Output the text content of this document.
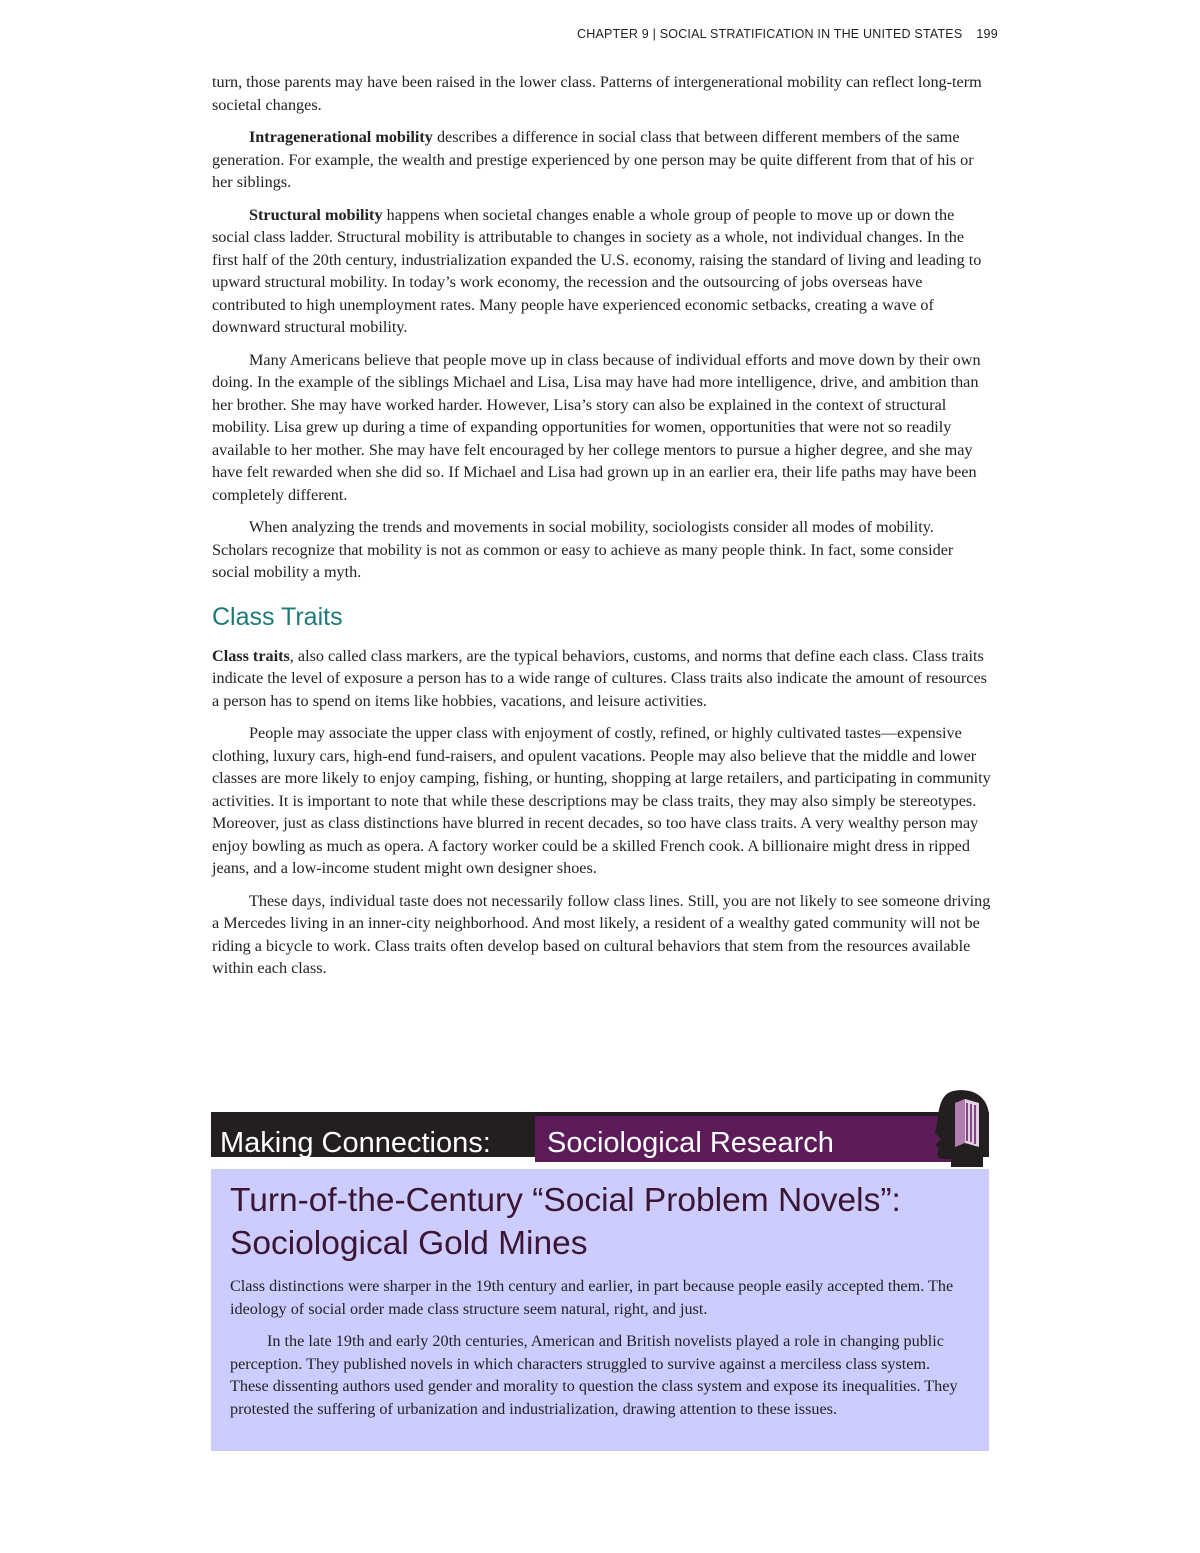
CHAPTER 9 | SOCIAL STRATIFICATION IN THE UNITED STATES 199

turn, those parents may have been raised in the lower class. Patterns of intergenerational mobility can reflect long-term societal changes.

Intragenerational mobility describes a difference in social class that between different members of the same generation. For example, the wealth and prestige experienced by one person may be quite different from that of his or her siblings.

Structural mobility happens when societal changes enable a whole group of people to move up or down the social class ladder. Structural mobility is attributable to changes in society as a whole, not individual changes. In the first half of the 20th century, industrialization expanded the U.S. economy, raising the standard of living and leading to upward structural mobility. In today’s work economy, the recession and the outsourcing of jobs overseas have contributed to high unemployment rates. Many people have experienced economic setbacks, creating a wave of downward structural mobility.

Many Americans believe that people move up in class because of individual efforts and move down by their own doing. In the example of the siblings Michael and Lisa, Lisa may have had more intelligence, drive, and ambition than her brother. She may have worked harder. However, Lisa’s story can also be explained in the context of structural mobility. Lisa grew up during a time of expanding opportunities for women, opportunities that were not so readily available to her mother. She may have felt encouraged by her college mentors to pursue a higher degree, and she may have felt rewarded when she did so. If Michael and Lisa had grown up in an earlier era, their life paths may have been completely different.

When analyzing the trends and movements in social mobility, sociologists consider all modes of mobility. Scholars recognize that mobility is not as common or easy to achieve as many people think. In fact, some consider social mobility a myth.

Class Traits

Class traits, also called class markers, are the typical behaviors, customs, and norms that define each class. Class traits indicate the level of exposure a person has to a wide range of cultures. Class traits also indicate the amount of resources a person has to spend on items like hobbies, vacations, and leisure activities.

People may associate the upper class with enjoyment of costly, refined, or highly cultivated tastes—expensive clothing, luxury cars, high-end fund-raisers, and opulent vacations. People may also believe that the middle and lower classes are more likely to enjoy camping, fishing, or hunting, shopping at large retailers, and participating in community activities. It is important to note that while these descriptions may be class traits, they may also simply be stereotypes. Moreover, just as class distinctions have blurred in recent decades, so too have class traits. A very wealthy person may enjoy bowling as much as opera. A factory worker could be a skilled French cook. A billionaire might dress in ripped jeans, and a low-income student might own designer shoes.

These days, individual taste does not necessarily follow class lines. Still, you are not likely to see someone driving a Mercedes living in an inner-city neighborhood. And most likely, a resident of a wealthy gated community will not be riding a bicycle to work. Class traits often develop based on cultural behaviors that stem from the resources available within each class.

Making Connections: Sociological Research
Turn-of-the-Century “Social Problem Novels”: Sociological Gold Mines

Class distinctions were sharper in the 19th century and earlier, in part because people easily accepted them. The ideology of social order made class structure seem natural, right, and just.

In the late 19th and early 20th centuries, American and British novelists played a role in changing public perception. They published novels in which characters struggled to survive against a merciless class system. These dissenting authors used gender and morality to question the class system and expose its inequalities. They protested the suffering of urbanization and industrialization, drawing attention to these issues.
